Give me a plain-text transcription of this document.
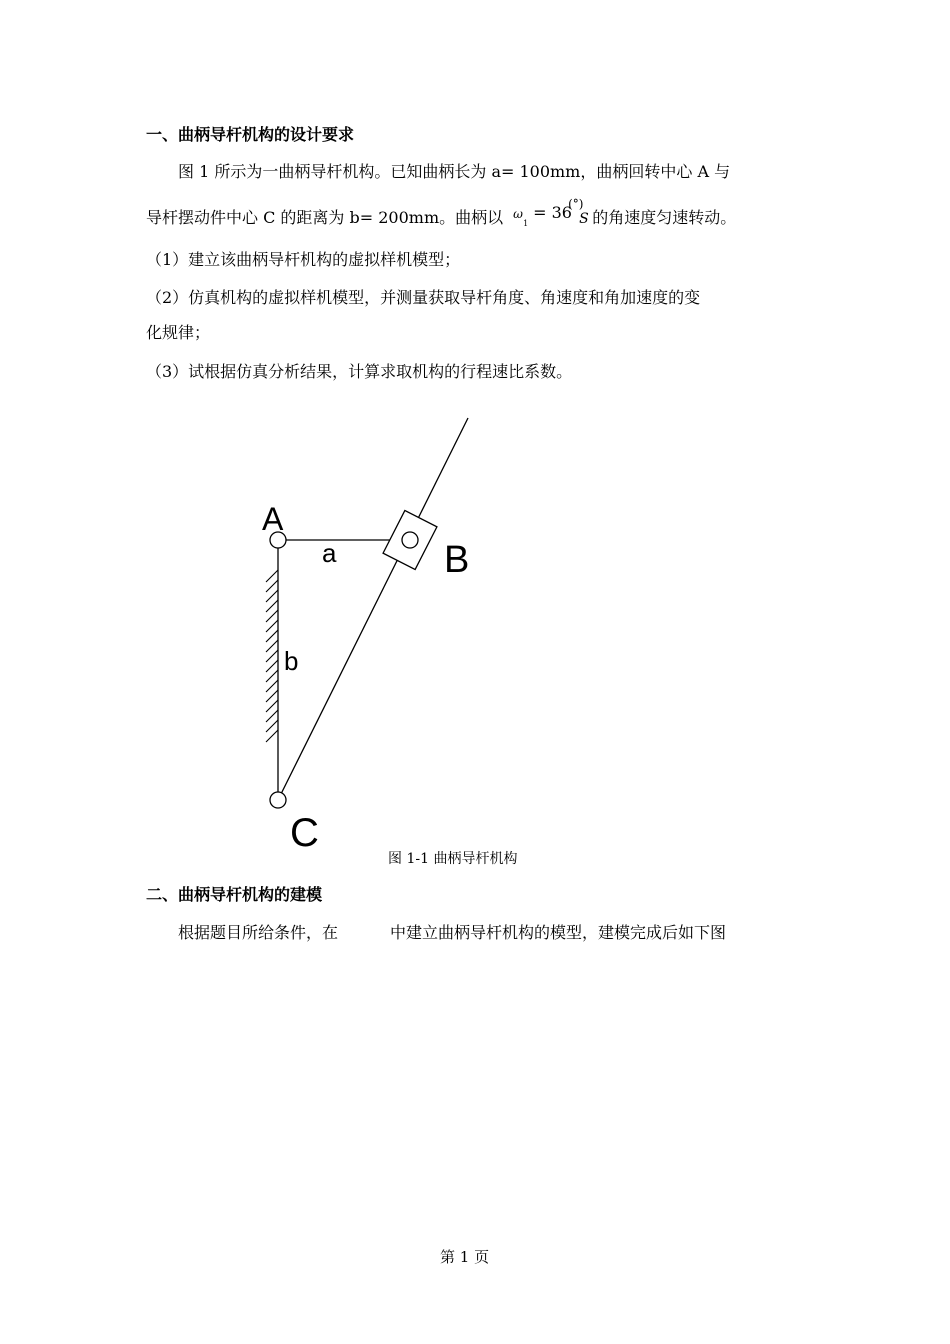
一、曲柄导杆机构的设计要求
图 1 所示为一曲柄导杆机构。已知曲柄长为 a= 100mm，曲柄回转中心 A 与
导杆摆动件中心 C 的距离为 b= 200mm。曲柄以 ω
1
= 36
(°)
S 的角速度匀速转动。
（1）建立该曲柄导杆机构的虚拟样机模型；
（2）仿真机构的虚拟样机模型，并测量获取导杆角度、角速度和角加速度的变
化规律；
（3）试根据仿真分析结果，计算求取机构的行程速比系数。
A
B
C
a
b
图 1-1 曲柄导杆机构
二、曲柄导杆机构的建模
根据题目所给条件，在	中建立曲柄导杆机构的模型，建模完成后如下图
第 1 页
